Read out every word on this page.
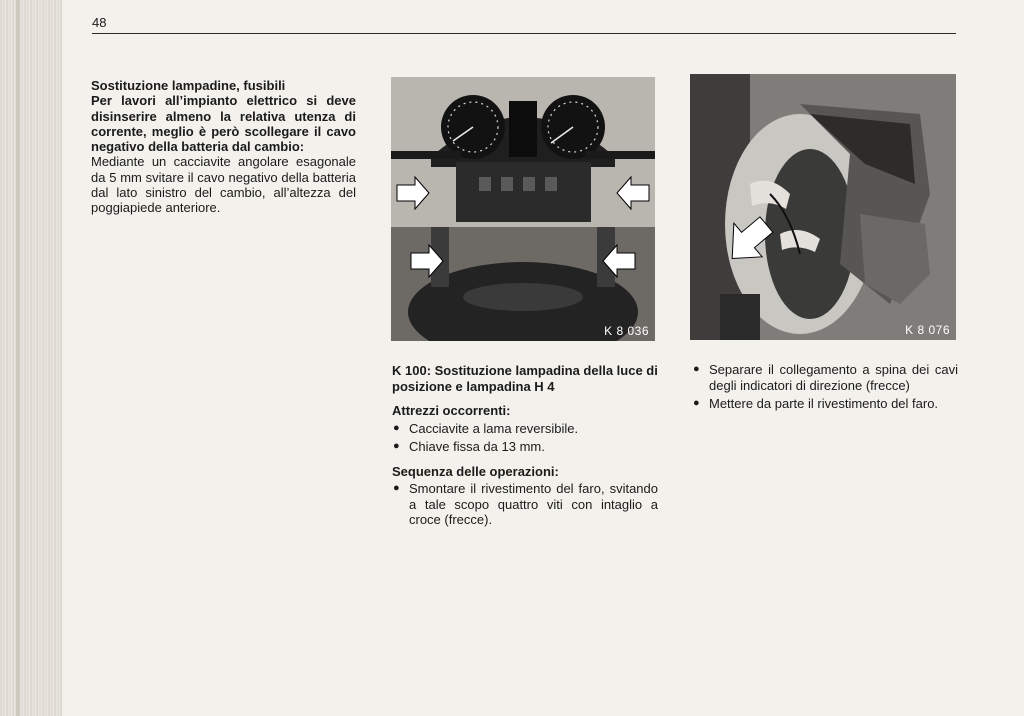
48

Sostituzione lampadine, fusibili

Per lavori all’impianto elettrico si deve disinserire almeno la relativa utenza di corrente, meglio è però scollegare il cavo negativo della batteria dal cambio:

Mediante un cacciavite angolare esagonale da 5 mm svitare il cavo negativo della batteria dal lato sinistro del cambio, all’altezza del poggiapiede anteriore.

K 8 036	K 8 076

K 100: Sostituzione lampadina della luce di posizione e lampadina H 4

Attrezzi occorrenti:

● Cacciavite a lama reversibile.
● Chiave fissa da 13 mm.

Sequenza delle operazioni:

● Smontare il rivestimento del faro, svitando a tale scopo quattro viti con intaglio a croce (frecce).
● Separare il collegamento a spina dei cavi degli indicatori di direzione (frecce)
● Mettere da parte il rivestimento del faro.
